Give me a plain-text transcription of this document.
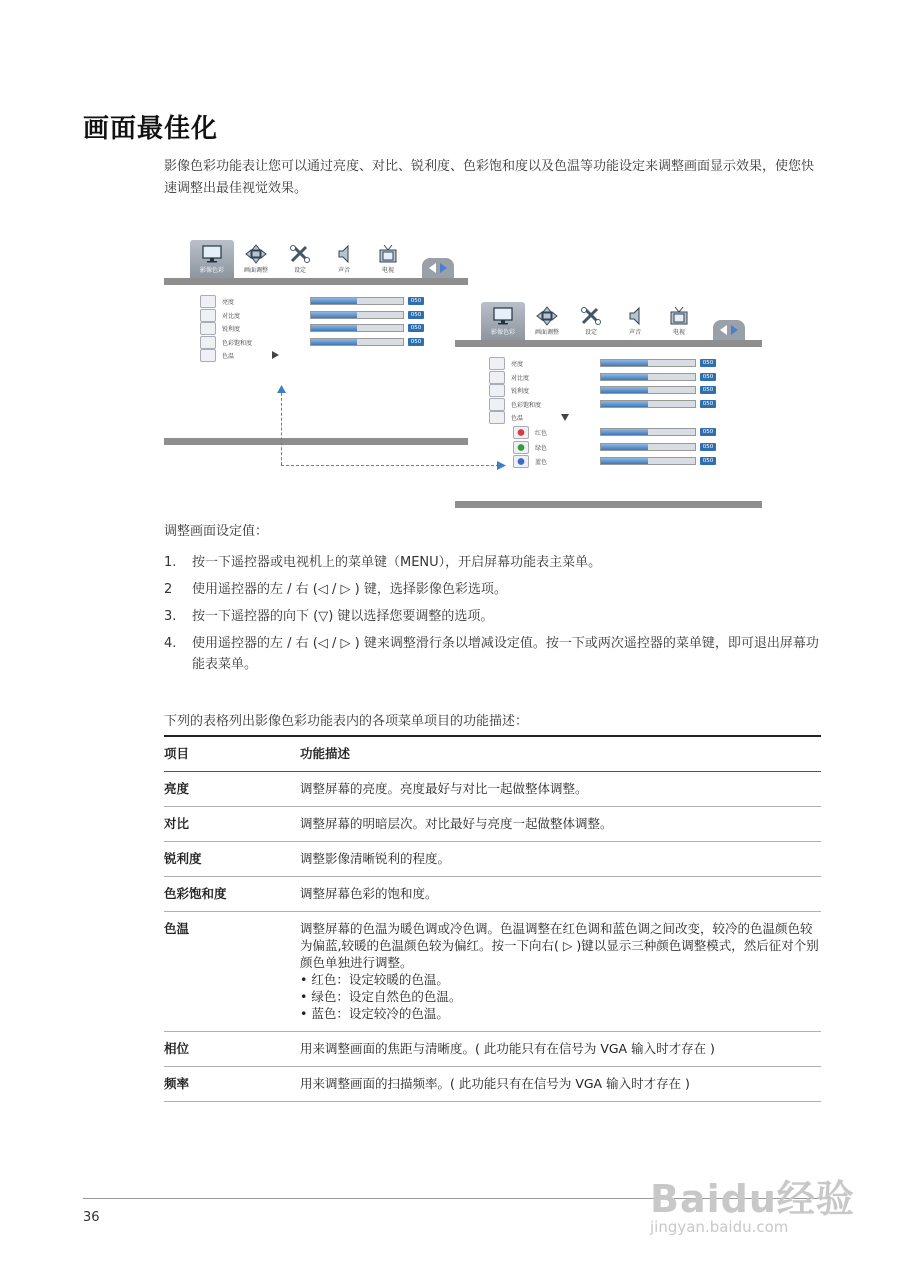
画面最佳化
影像色彩功能表让您可以通过亮度、对比、锐利度、色彩饱和度以及色温等功能设定来调整画面显示效果，使您快速调整出最佳视觉效果。
影像色彩	画面调整	设定	声音	电视
亮度	050
对比度	050
锐利度	050
色彩饱和度	050
色温
影像色彩	画面调整	设定	声音	电视
亮度	050
对比度	050
锐利度	050
色彩饱和度	050
色温
红色	050
绿色	050
蓝色	050
调整画面设定值：
1. 按一下遥控器或电视机上的菜单键（MENU），开启屏幕功能表主菜单。
2 使用遥控器的左 / 右 (◁ / ▷ ) 键，选择影像色彩选项。
3. 按一下遥控器的向下 (▽) 键以选择您要调整的选项。
4. 使用遥控器的左 / 右 (◁ / ▷ ) 键来调整滑行条以增减设定值。按一下或两次遥控器的菜单键，即可退出屏幕功能表菜单。
下列的表格列出影像色彩功能表内的各项菜单项目的功能描述：
项目	功能描述
亮度	调整屏幕的亮度。亮度最好与对比一起做整体调整。
对比	调整屏幕的明暗层次。对比最好与亮度一起做整体调整。
锐利度	调整影像清晰锐利的程度。
色彩饱和度	调整屏幕色彩的饱和度。
色温	调整屏幕的色温为暖色调或冷色调。色温调整在红色调和蓝色调之间改变，较冷的色温颜色较为偏蓝,较暖的色温颜色较为偏红。按一下向右( ▷ )键以显示三种颜色调整模式，然后征对个别颜色单独进行调整。
• 红色：设定较暖的色温。
• 绿色：设定自然色的色温。
• 蓝色：设定较冷的色温。

相位	用来调整画面的焦距与清晰度。( 此功能只有在信号为 VGA 输入时才存在 )
频率	用来调整画面的扫描频率。( 此功能只有在信号为 VGA 输入时才存在 )
36	Baidu经验
jingyan.baidu.com
